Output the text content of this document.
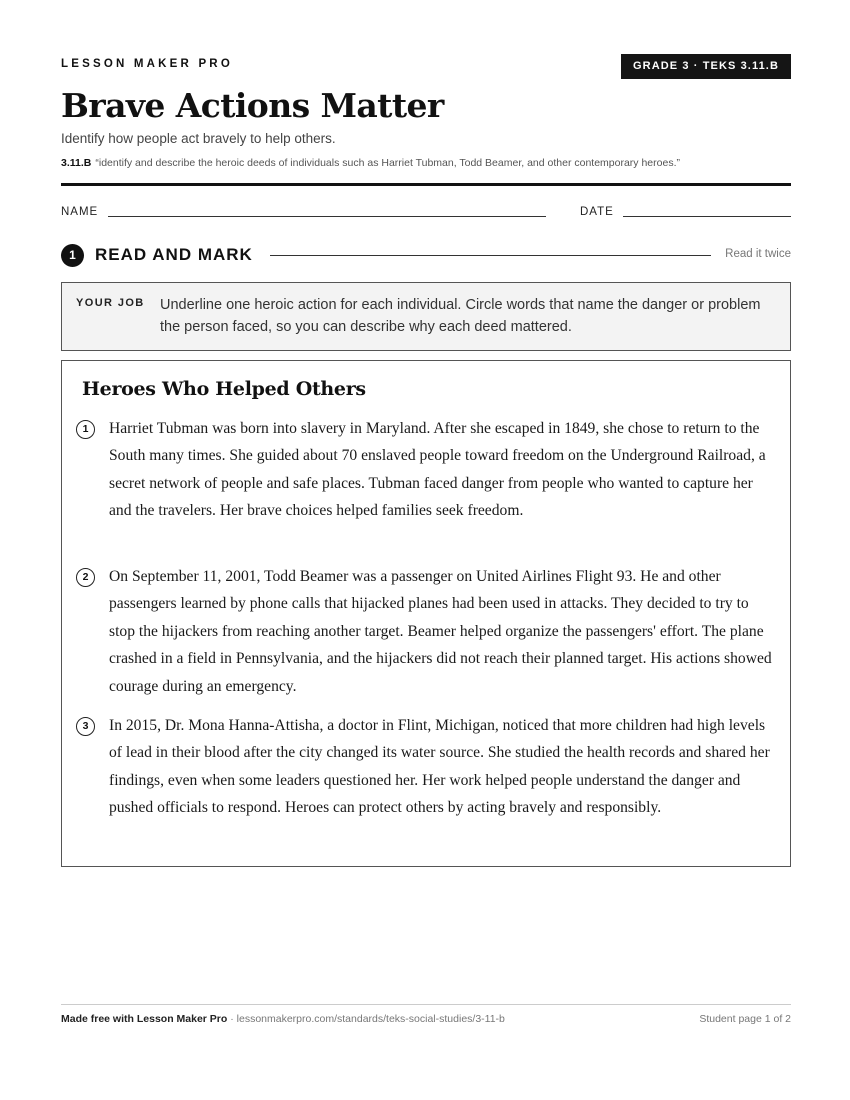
LESSON MAKER PRO	GRADE 3 · TEKS 3.11.B
Brave Actions Matter
Identify how people act bravely to help others.
3.11.B “identify and describe the heroic deeds of individuals such as Harriet Tubman, Todd Beamer, and other contemporary heroes.”
NAME	DATE
1	READ AND MARK	Read it twice
YOUR JOB Underline one heroic action for each individual. Circle words that name the danger or problem the person faced, so you can describe why each deed mattered.
Heroes Who Helped Others
1	Harriet Tubman was born into slavery in Maryland. After she escaped in 1849, she chose to return to the South many times. She guided about 70 enslaved people toward freedom on the Underground Railroad, a secret network of people and safe places. Tubman faced danger from people who wanted to capture her and the travelers. Her brave choices helped families seek freedom.
2	On September 11, 2001, Todd Beamer was a passenger on United Airlines Flight 93. He and other passengers learned by phone calls that hijacked planes had been used in attacks. They decided to try to stop the hijackers from reaching another target. Beamer helped organize the passengers' effort. The plane crashed in a field in Pennsylvania, and the hijackers did not reach their planned target. His actions showed courage during an emergency.
3	In 2015, Dr. Mona Hanna-Attisha, a doctor in Flint, Michigan, noticed that more children had high levels of lead in their blood after the city changed its water source. She studied the health records and shared her findings, even when some leaders questioned her. Her work helped people understand the danger and pushed officials to respond. Heroes can protect others by acting bravely and responsibly.
Made free with Lesson Maker Pro · lessonmakerpro.com/standards/teks-social-studies/3-11-b	Student page 1 of 2
